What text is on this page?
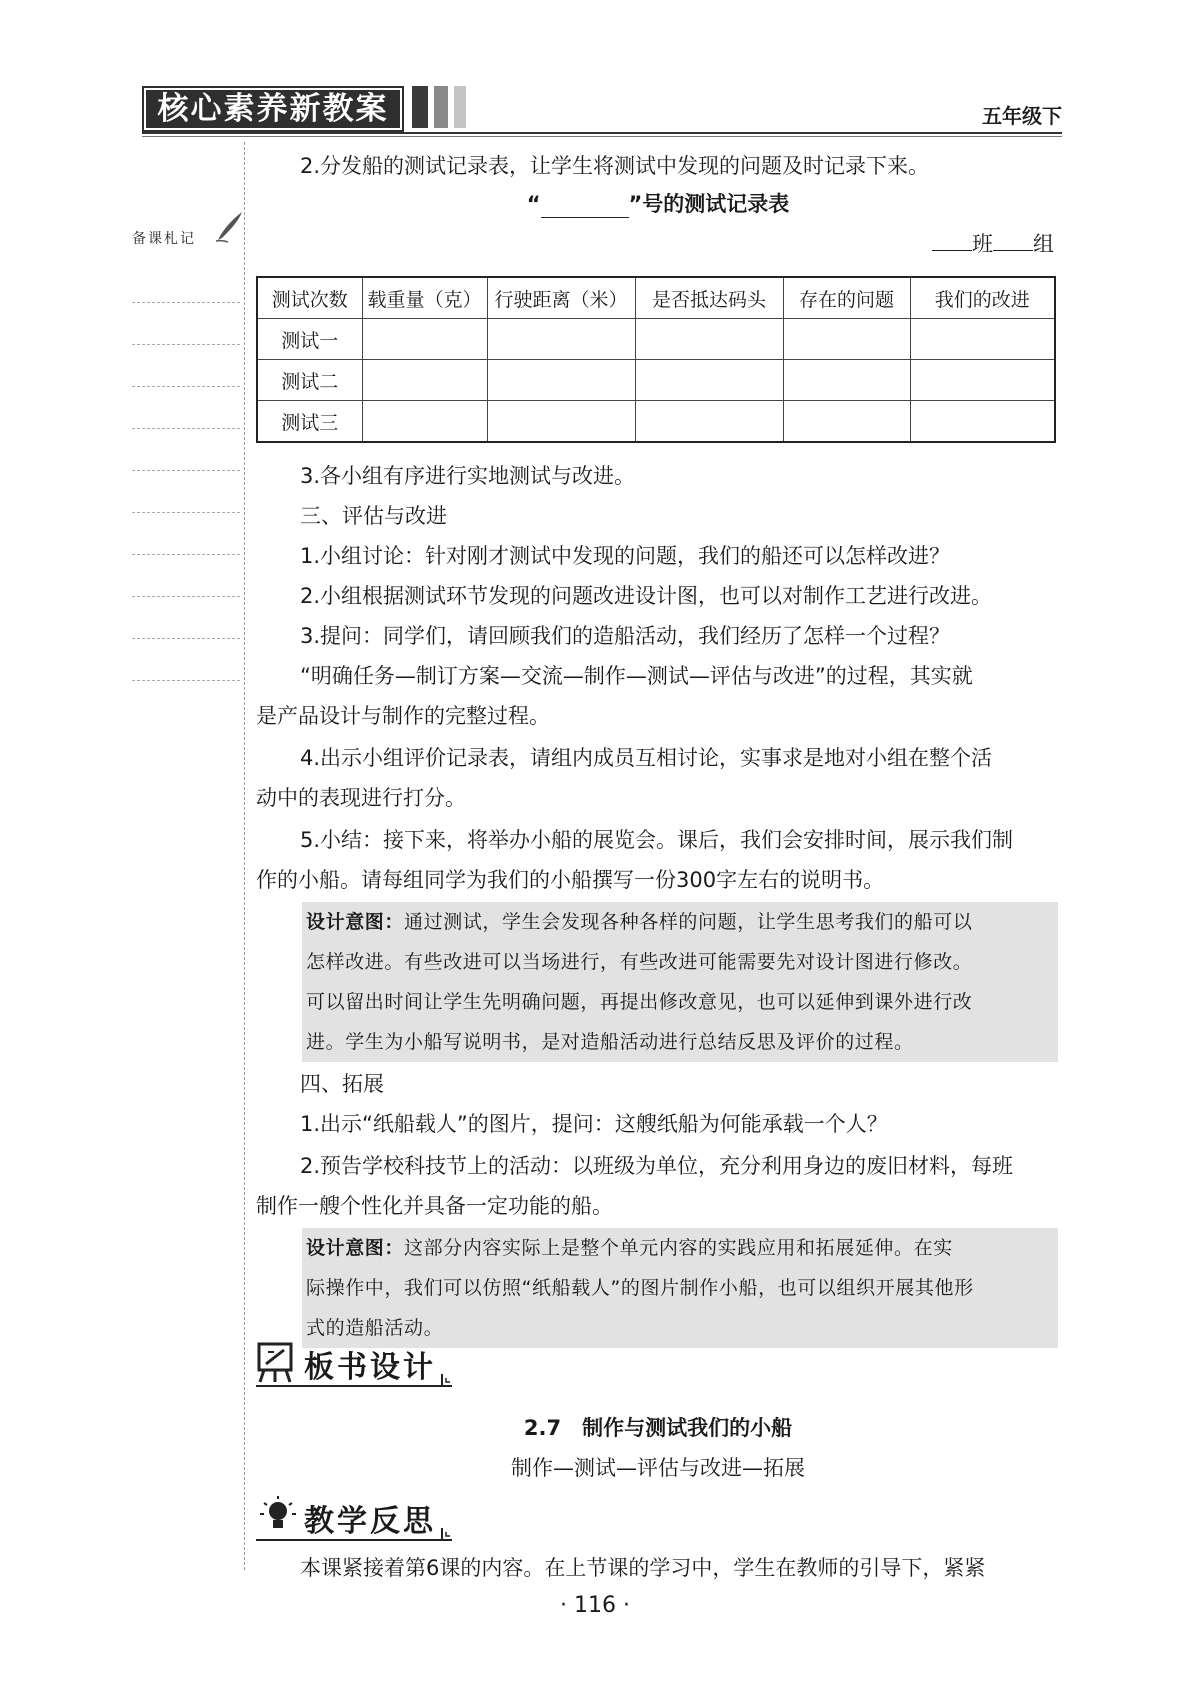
核心素养新教案	五年级下
备课札记
2.分发船的测试记录表，让学生将测试中发现的问题及时记录下来。
“	”号的测试记录表
班 组
测试次数	载重量（克）	行驶距离（米）	是否抵达码头	存在的问题	我们的改进
测试一					
测试二					
测试三					
3.各小组有序进行实地测试与改进。
三、评估与改进
1.小组讨论：针对刚才测试中发现的问题，我们的船还可以怎样改进？
2.小组根据测试环节发现的问题改进设计图，也可以对制作工艺进行改进。
3.提问：同学们，请回顾我们的造船活动，我们经历了怎样一个过程？
“明确任务—制订方案—交流—制作—测试—评估与改进”的过程，其实就
是产品设计与制作的完整过程。
4.出示小组评价记录表，请组内成员互相讨论，实事求是地对小组在整个活
动中的表现进行打分。
5.小结：接下来，将举办小船的展览会。课后，我们会安排时间，展示我们制
作的小船。请每组同学为我们的小船撰写一份300字左右的说明书。
设计意图：通过测试，学生会发现各种各样的问题，让学生思考我们的船可以
怎样改进。有些改进可以当场进行，有些改进可能需要先对设计图进行修改。
可以留出时间让学生先明确问题，再提出修改意见，也可以延伸到课外进行改
进。学生为小船写说明书，是对造船活动进行总结反思及评价的过程。
四、拓展
1.出示“纸船载人”的图片，提问：这艘纸船为何能承载一个人？
2.预告学校科技节上的活动：以班级为单位，充分利用身边的废旧材料，每班
制作一艘个性化并具备一定功能的船。
设计意图：这部分内容实际上是整个单元内容的实践应用和拓展延伸。在实
际操作中，我们可以仿照“纸船载人”的图片制作小船，也可以组织开展其他形
式的造船活动。
板书设计
2.7　制作与测试我们的小船
制作—测试—评估与改进—拓展
教学反思
本课紧接着第6课的内容。在上节课的学习中，学生在教师的引导下，紧紧
· 116 ·
